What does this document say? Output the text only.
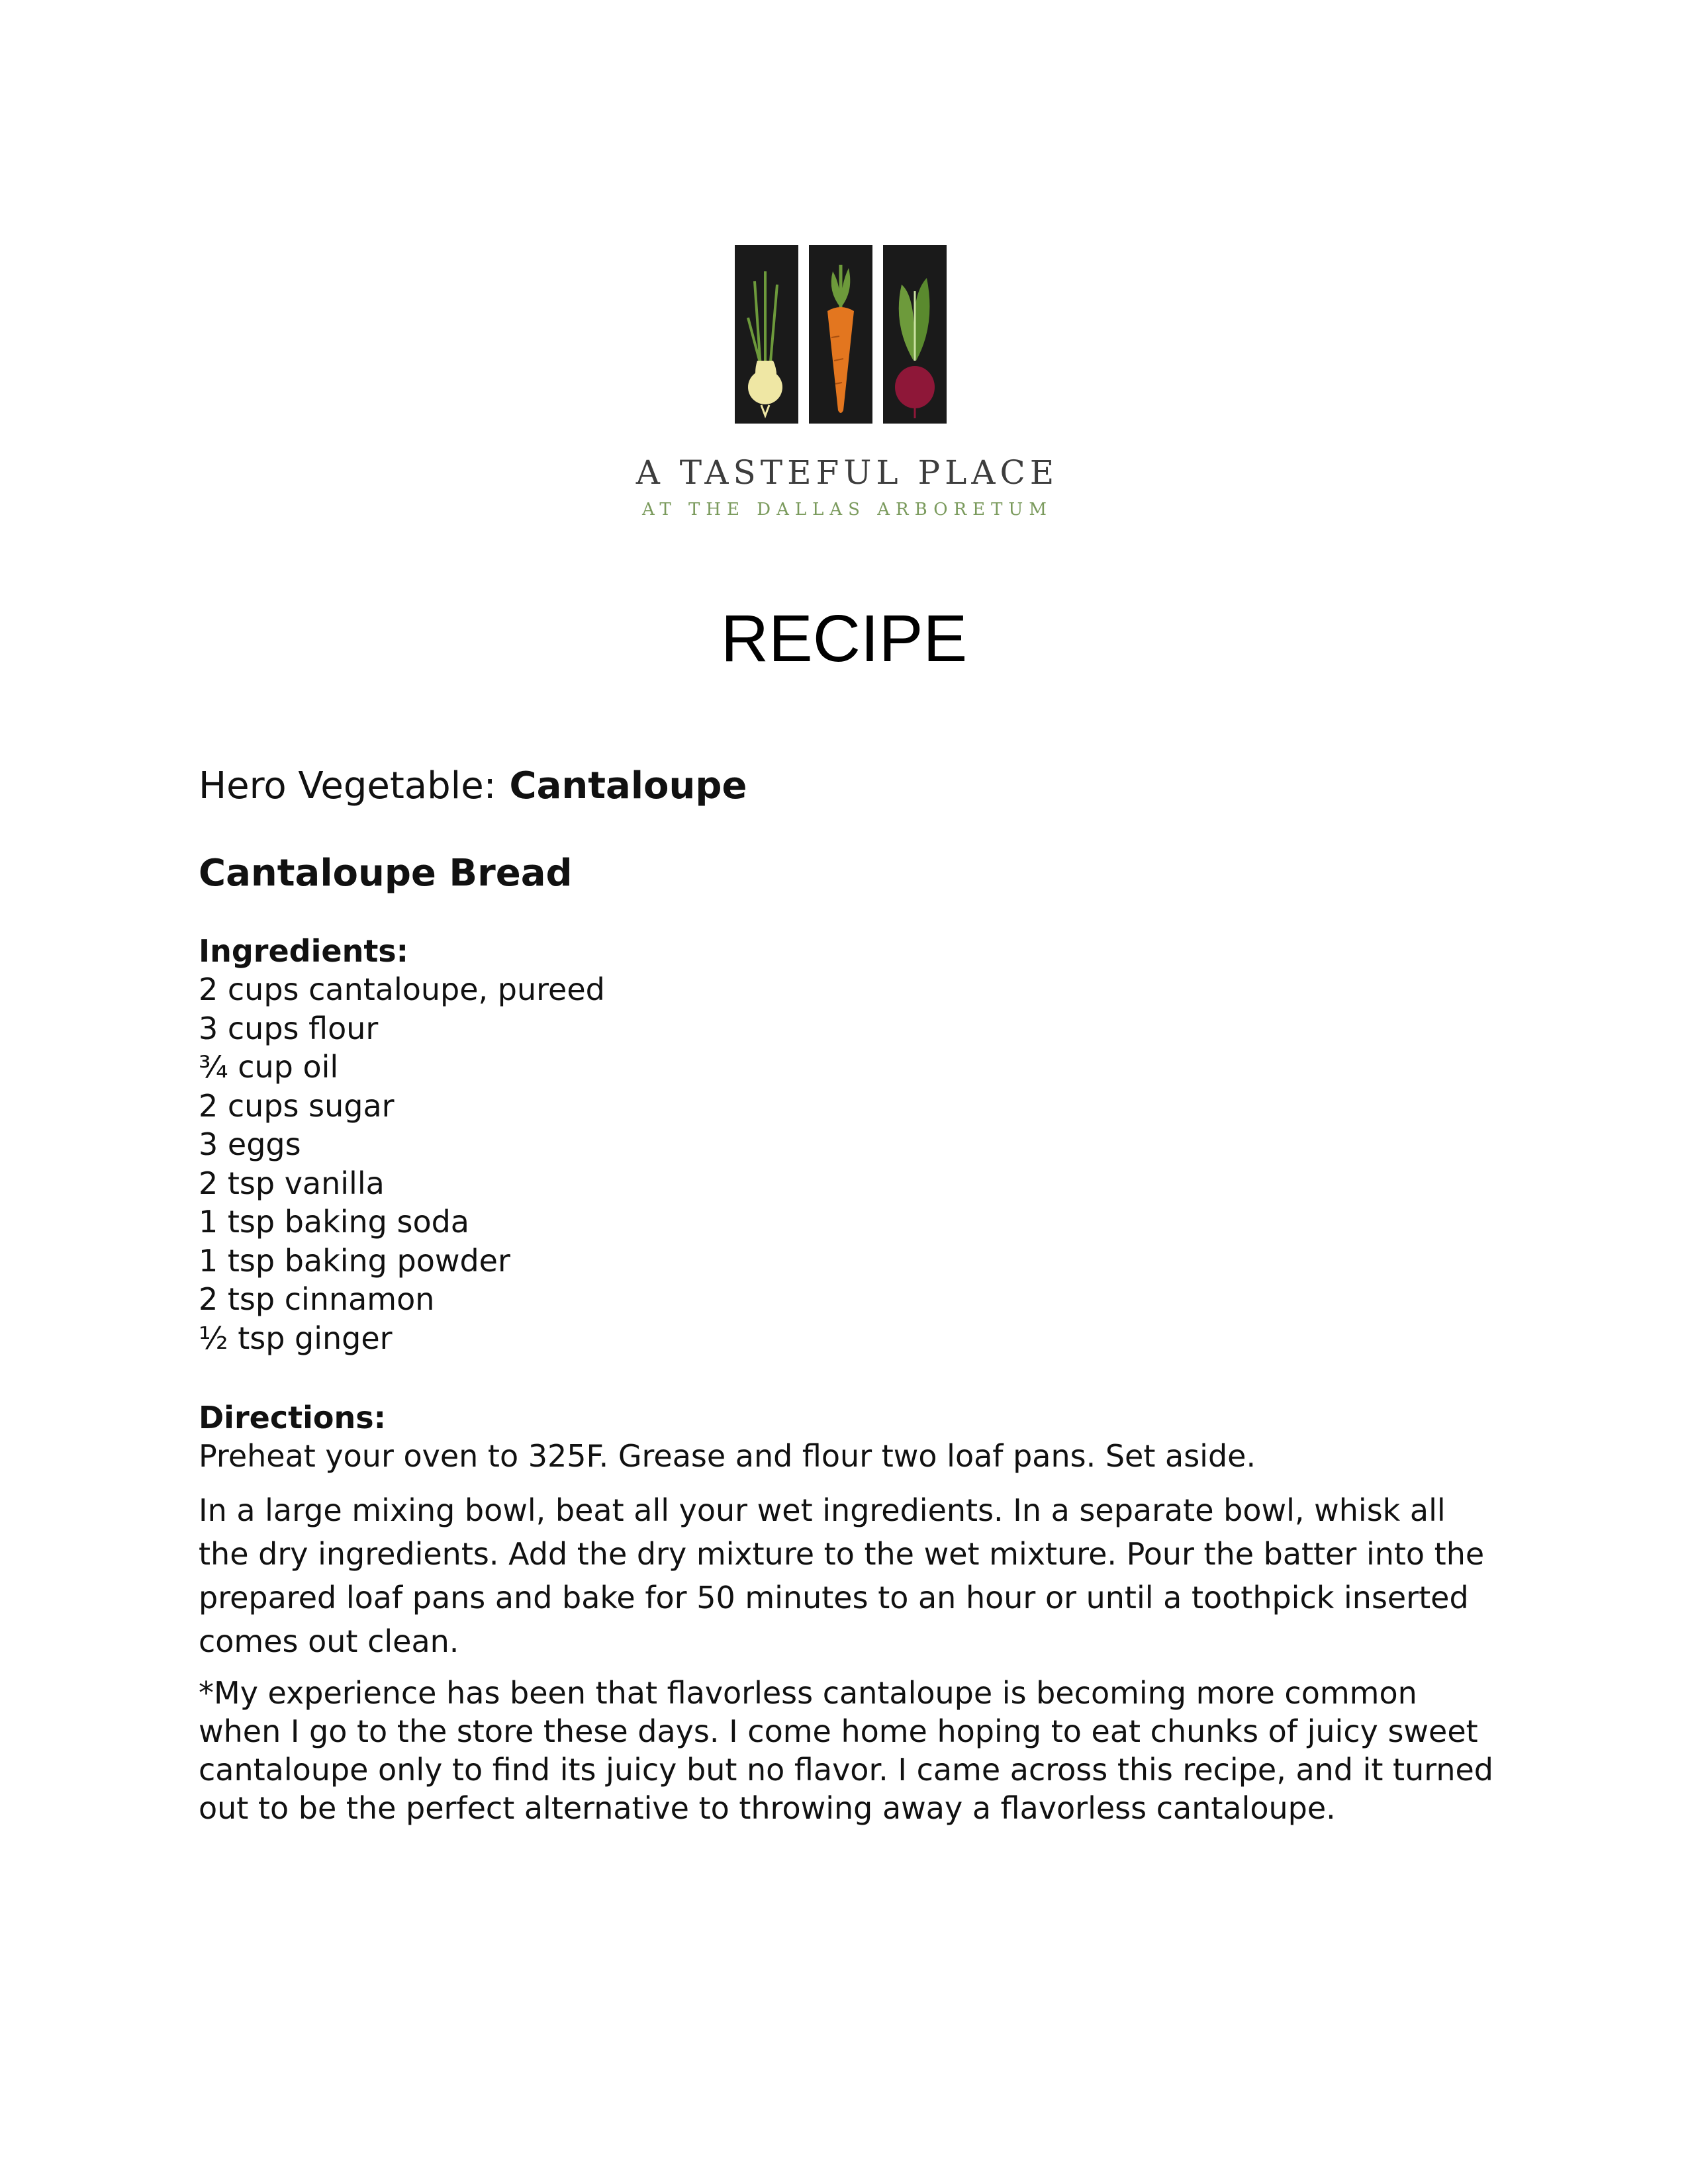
A TASTEFUL PLACE
AT THE DALLAS ARBORETUM
RECIPE

Hero Vegetable: Cantaloupe

Cantaloupe Bread

Ingredients:

2 cups cantaloupe, pureed
3 cups flour
¾ cup oil
2 cups sugar
3 eggs
2 tsp vanilla
1 tsp baking soda
1 tsp baking powder
2 tsp cinnamon
½ tsp ginger

Directions:

Preheat your oven to 325F. Grease and flour two loaf pans. Set aside.

In a large mixing bowl, beat all your wet ingredients. In a separate bowl, whisk all the dry ingredients. Add the dry mixture to the wet mixture. Pour the batter into the prepared loaf pans and bake for 50 minutes to an hour or until a toothpick inserted comes out clean.

*My experience has been that flavorless cantaloupe is becoming more common when I go to the store these days. I come home hoping to eat chunks of juicy sweet cantaloupe only to find its juicy but no flavor. I came across this recipe, and it turned out to be the perfect alternative to throwing away a flavorless cantaloupe.
